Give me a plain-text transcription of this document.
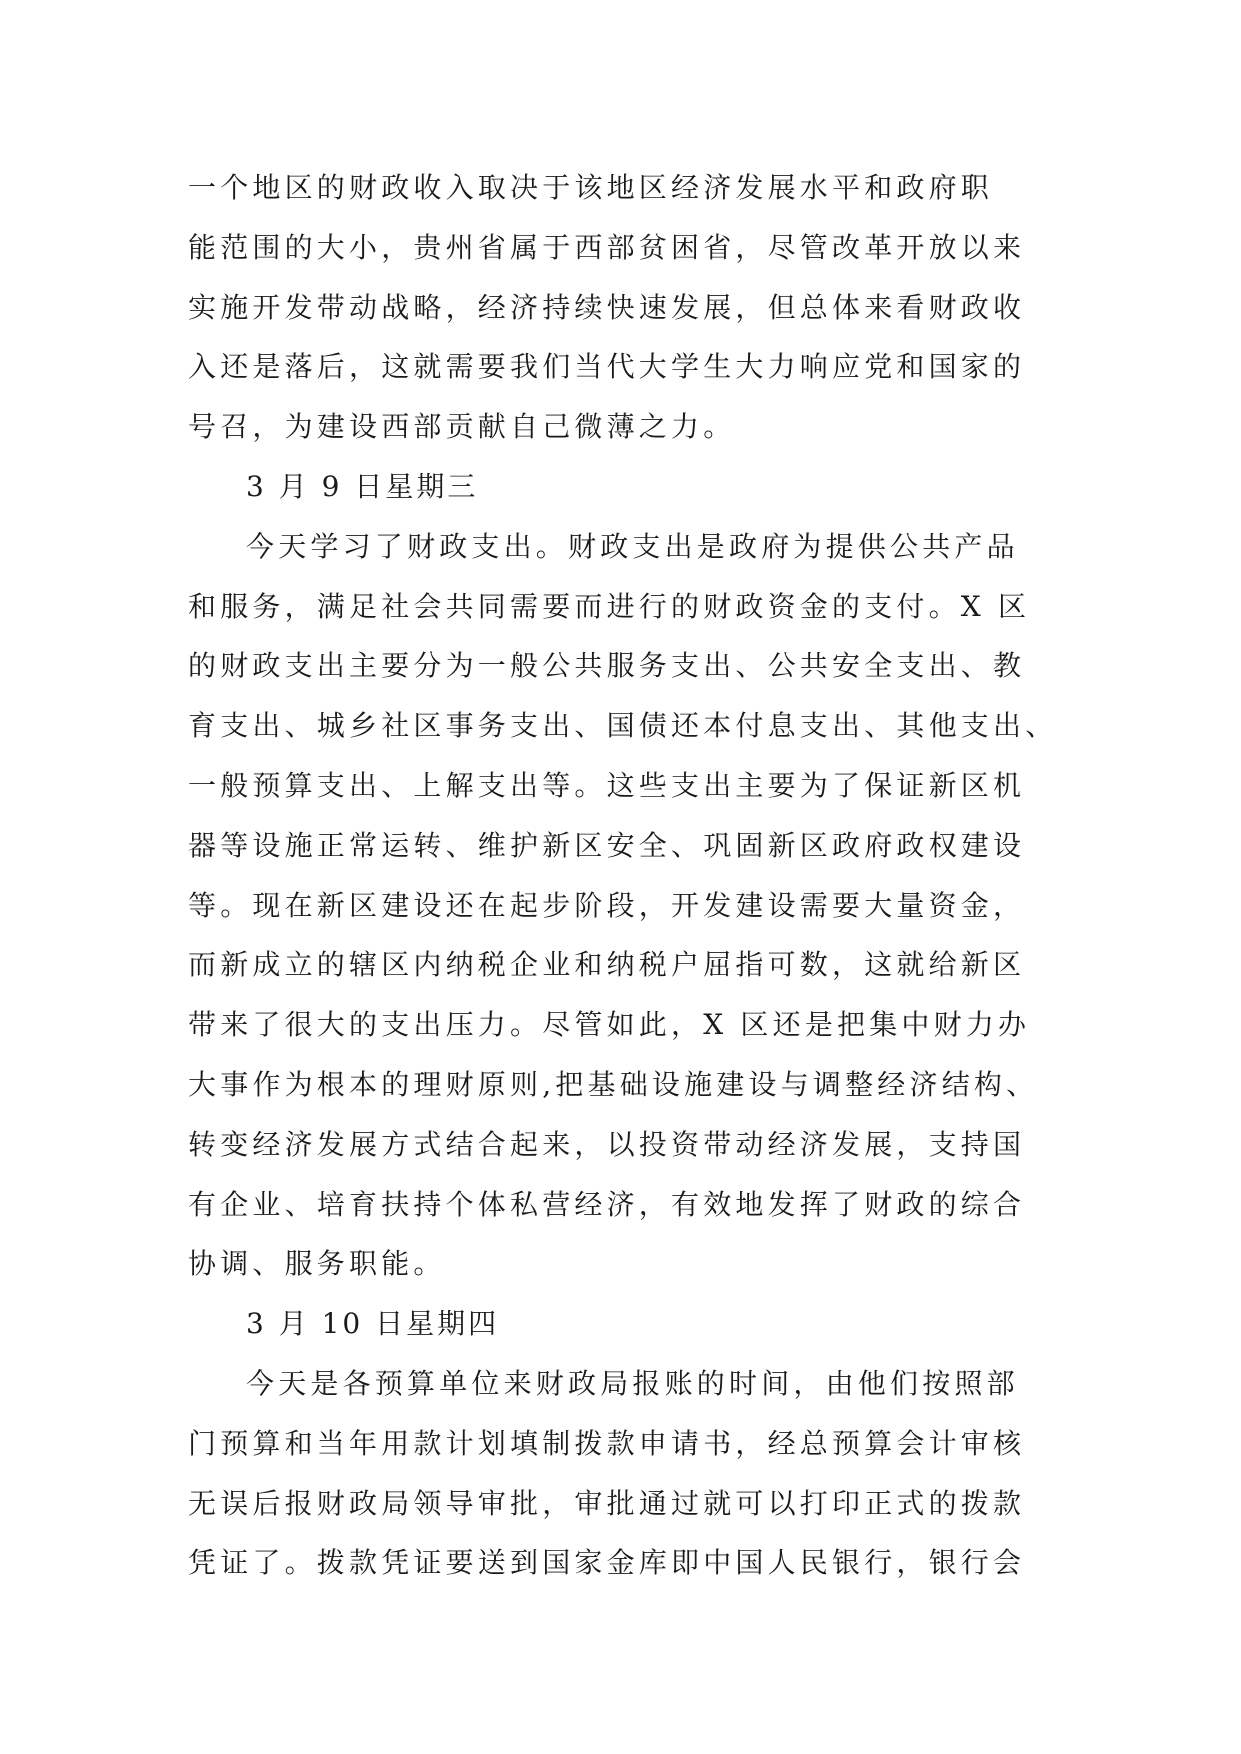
一个地区的财政收入取决于该地区经济发展水平和政府职
能范围的大小，贵州省属于西部贫困省，尽管改革开放以来
实施开发带动战略，经济持续快速发展，但总体来看财政收
入还是落后，这就需要我们当代大学生大力响应党和国家的
号召，为建设西部贡献自己微薄之力。
3 月 9 日星期三
今天学习了财政支出。财政支出是政府为提供公共产品
和服务，满足社会共同需要而进行的财政资金的支付。X 区
的财政支出主要分为一般公共服务支出、公共安全支出、教
育支出、城乡社区事务支出、国债还本付息支出、其他支出、
一般预算支出、上解支出等。这些支出主要为了保证新区机
器等设施正常运转、维护新区安全、巩固新区政府政权建设
等。现在新区建设还在起步阶段，开发建设需要大量资金，
而新成立的辖区内纳税企业和纳税户屈指可数，这就给新区
带来了很大的支出压力。尽管如此，X 区还是把集中财力办
大事作为根本的理财原则,把基础设施建设与调整经济结构、
转变经济发展方式结合起来，以投资带动经济发展，支持国
有企业、培育扶持个体私营经济，有效地发挥了财政的综合
协调、服务职能。
3 月 10 日星期四
今天是各预算单位来财政局报账的时间，由他们按照部
门预算和当年用款计划填制拨款申请书，经总预算会计审核
无误后报财政局领导审批，审批通过就可以打印正式的拨款
凭证了。拨款凭证要送到国家金库即中国人民银行，银行会
